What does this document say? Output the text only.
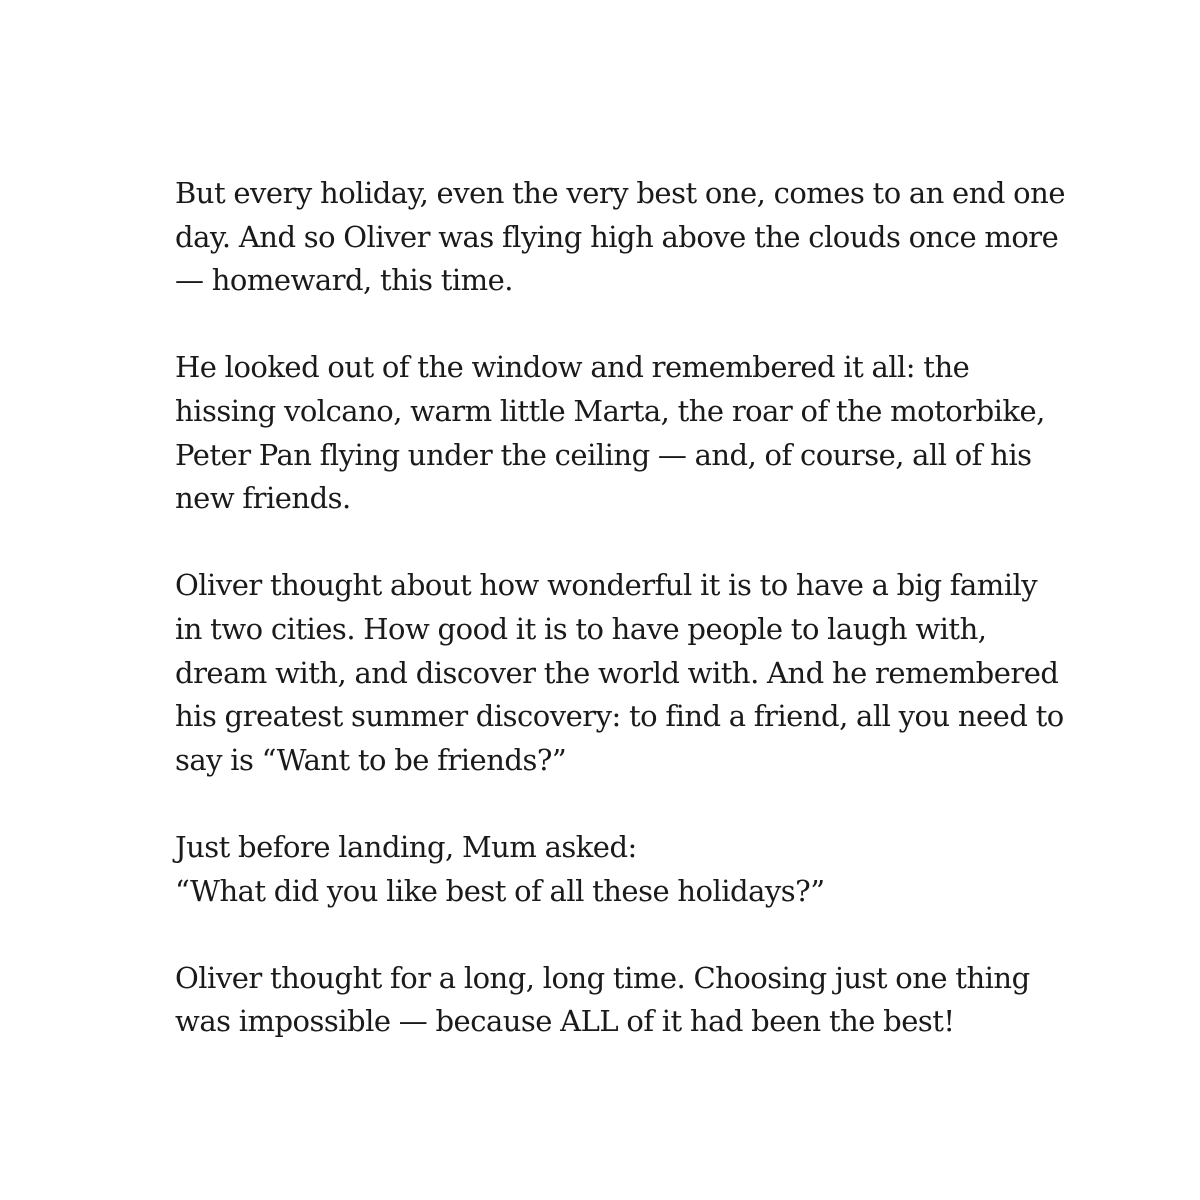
But every holiday, even the very best one, comes to an end one
day. And so Oliver was flying high above the clouds once more
— homeward, this time.

He looked out of the window and remembered it all: the
hissing volcano, warm little Marta, the roar of the motorbike,
Peter Pan flying under the ceiling — and, of course, all of his
new friends.

Oliver thought about how wonderful it is to have a big family
in two cities. How good it is to have people to laugh with,
dream with, and discover the world with. And he remembered
his greatest summer discovery: to find a friend, all you need to
say is “Want to be friends?”

Just before landing, Mum asked:
“What did you like best of all these holidays?”

Oliver thought for a long, long time. Choosing just one thing
was impossible — because ALL of it had been the best!
